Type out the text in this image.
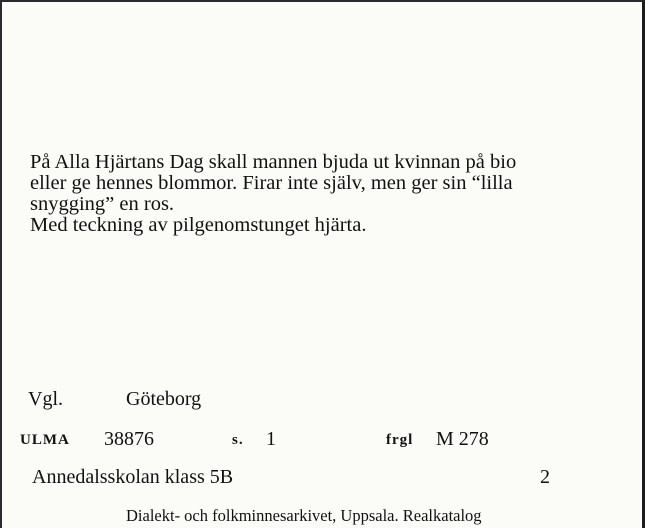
På Alla Hjärtans Dag skall mannen bjuda ut kvinnan på bio
eller ge hennes blommor. Firar inte själv, men ger sin “lilla
snygging” en ros.
Med teckning av pilgenomstunget hjärta.
Vgl.	Göteborg
ULMA 38876	s. 1	frgl M 278
Annedalsskolan klass 5B	2
Dialekt- och folkminnesarkivet, Uppsala. Realkatalog
